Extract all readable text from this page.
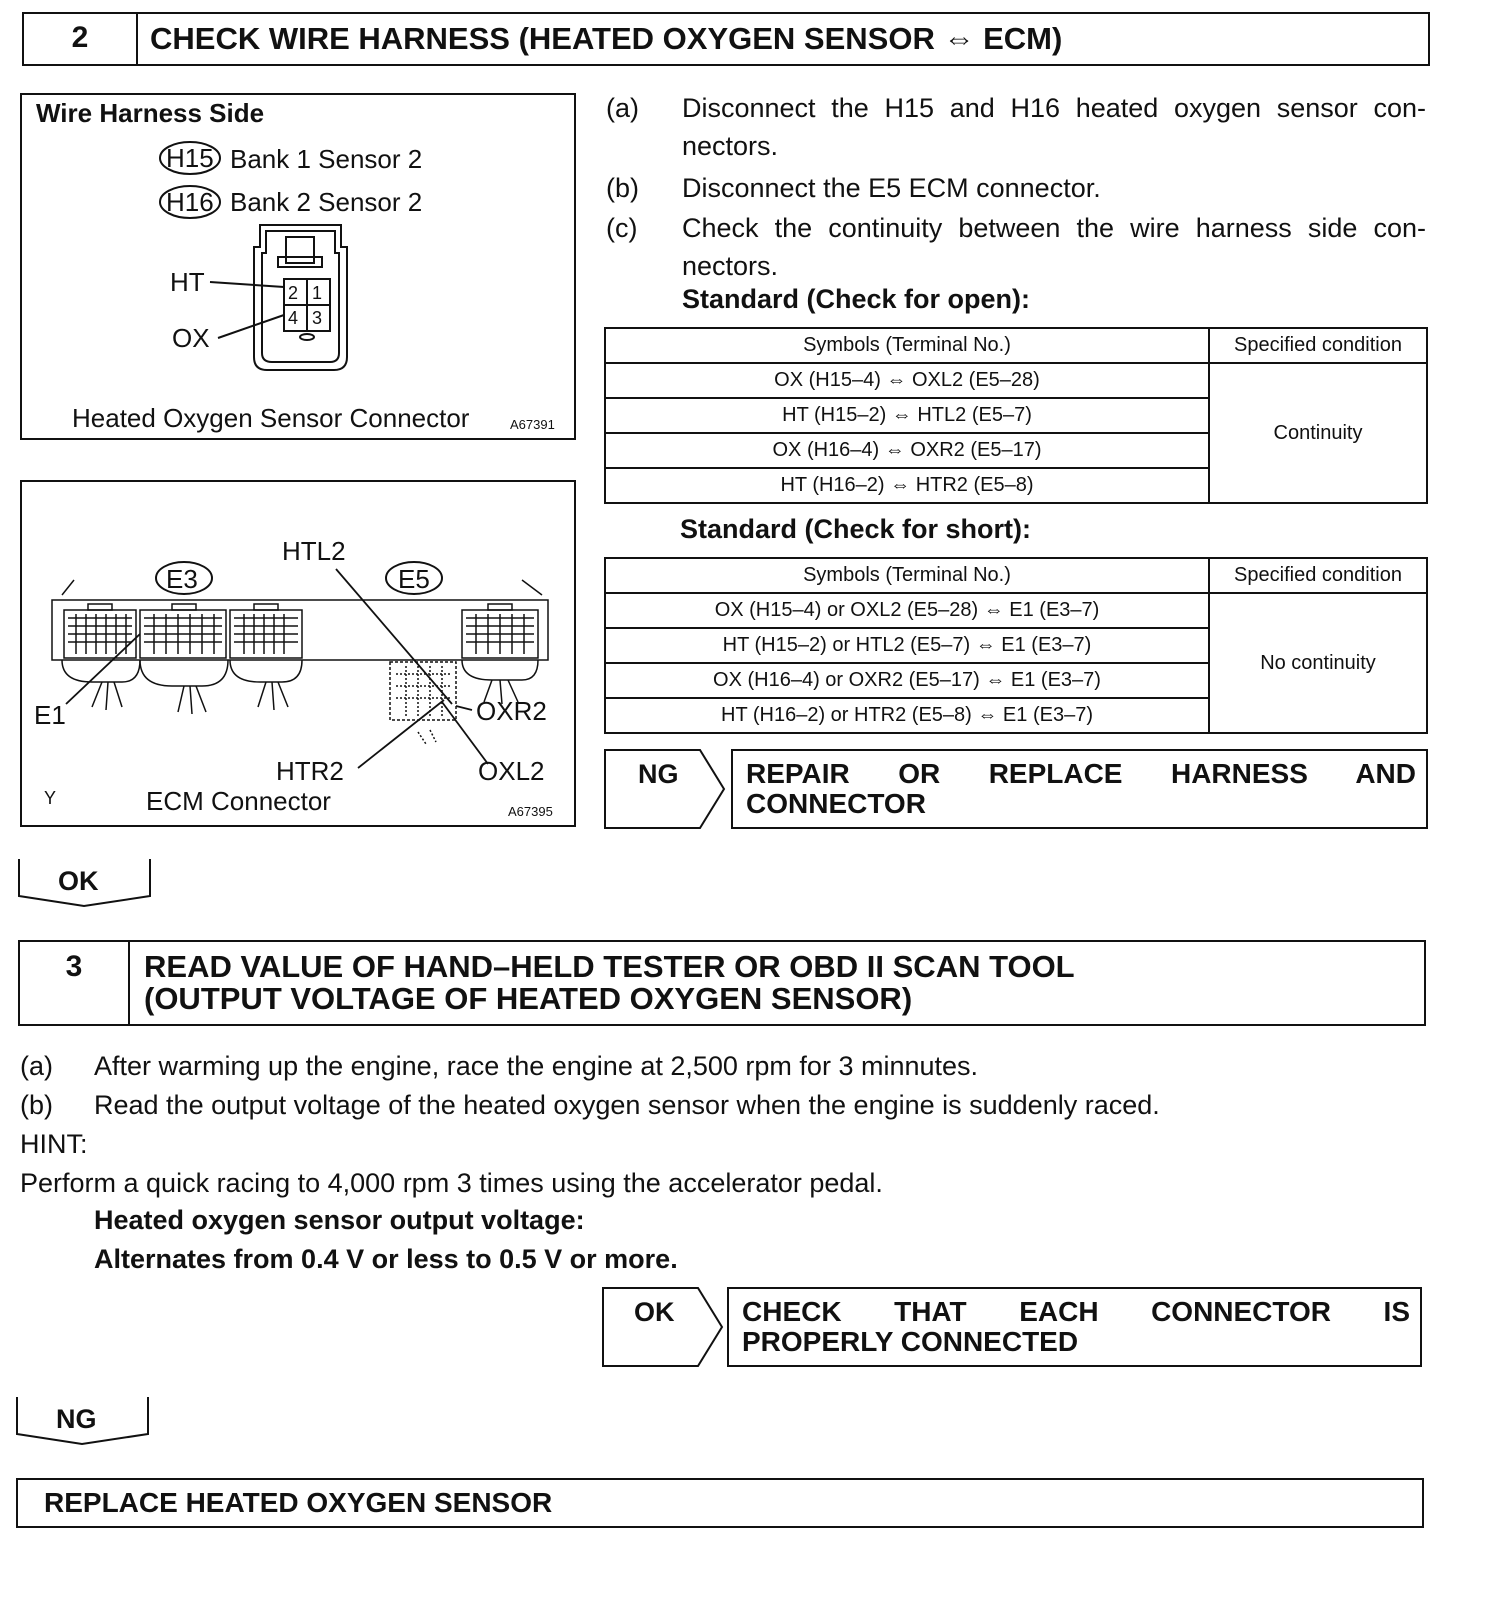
2	CHECK WIRE HARNESS (HEATED OXYGEN SENSOR ⇔ ECM)
Wire Harness Side
H15 Bank 1 Sensor 2
H16 Bank 2 Sensor 2
HT
OX
2 1
4 3
Heated Oxygen Sensor Connector	A67391
HTL2
E3	E5
E1	OXR2
HTR2	OXL2
Y	ECM Connector	A67395
(a) Disconnect the H15 and H16 heated oxygen sensor con-
nectors.
(b) Disconnect the E5 ECM connector.
(c) Check the continuity between the wire harness side con-
nectors.
Standard (Check for open):
Symbols (Terminal No.)	Specified condition
OX (H15–4) ⇔ OXL2 (E5–28)	Continuity
HT (H15–2) ⇔ HTL2 (E5–7)	
OX (H16–4) ⇔ OXR2 (E5–17)	
HT (H16–2) ⇔ HTR2 (E5–8)	
Standard (Check for short):
Symbols (Terminal No.)	Specified condition
OX (H15–4) or OXL2 (E5–28) ⇔ E1 (E3–7)	No continuity
HT (H15–2) or HTL2 (E5–7) ⇔ E1 (E3–7)	
OX (H16–4) or OXR2 (E5–17) ⇔ E1 (E3–7)	
HT (H16–2) or HTR2 (E5–8) ⇔ E1 (E3–7)	
NG REPAIR OR REPLACE HARNESS AND
CONNECTOR
OK
3	READ VALUE OF HAND–HELD TESTER OR OBD II SCAN TOOL
(OUTPUT VOLTAGE OF HEATED OXYGEN SENSOR)
(a) After warming up the engine, race the engine at 2,500 rpm for 3 minnutes.
(b) Read the output voltage of the heated oxygen sensor when the engine is suddenly raced.
HINT:
Perform a quick racing to 4,000 rpm 3 times using the accelerator pedal.
Heated oxygen sensor output voltage:
Alternates from 0.4 V or less to 0.5 V or more.
OK CHECK THAT EACH CONNECTOR IS
PROPERLY CONNECTED
NG
REPLACE HEATED OXYGEN SENSOR
